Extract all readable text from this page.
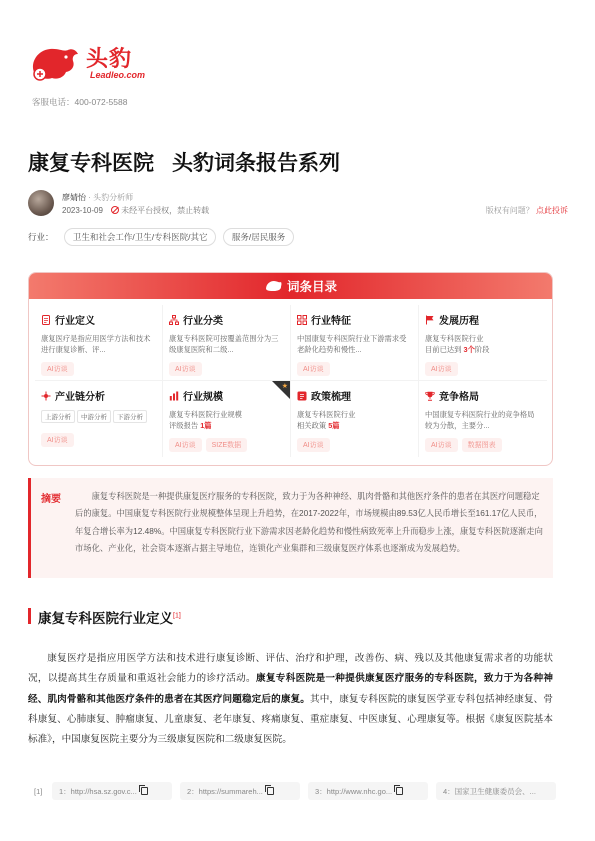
头豹
Leadleo.com
客服电话：400-072-5588
康复专科医院 头豹词条报告系列
廖婧怡 · 头豹分析师
2023-10-09 未经平台授权，禁止转载	版权有问题？ 点此投诉
行业： 卫生和社会工作/卫生/专科医院/其它	服务/居民服务
词条目录
行业定义
康复医疗是指应用医学方法和技术进行康复诊断、评...
AI访谈
行业分类
康复专科医院可按覆盖范围分为三级康复医院和二级...
AI访谈
行业特征
中国康复专科医院行业下游需求受老龄化趋势和慢性...
AI访谈
发展历程
康复专科医院行业
目前已达到 3个阶段
AI访谈
产业链分析
上游分析 中游分析 下游分析
AI访谈
★
行业规模
康复专科医院行业规模
评级报告 1篇
AI访谈 SIZE数据
政策梳理
康复专科医院行业
相关政策 5篇
AI访谈
竞争格局
中国康复专科医院行业的竞争格局较为分散，主要分...
AI访谈 数据图表
摘要	康复专科医院是一种提供康复医疗服务的专科医院，致力于为各种神经、肌肉骨骼和其他医疗条件的患者在其医疗问题稳定后的康复。中国康复专科医院行业规模整体呈现上升趋势，在2017-2022年，市场规模由89.53亿人民币增长至161.17亿人民币，年复合增长率为12.48%。中国康复专科医院行业下游需求因老龄化趋势和慢性病致死率上升而稳步上涨，康复专科医院逐渐走向市场化、产业化，社会资本逐渐占据主导地位，连锁化产业集群和三级康复医疗体系也逐渐成为发展趋势。
康复专科医院行业定义[1]
康复医疗是指应用医学方法和技术进行康复诊断、评估、治疗和护理，改善伤、病、残以及其他康复需求者的功能状况，以提高其生存质量和重返社会能力的诊疗活动。康复专科医院是一种提供康复医疗服务的专科医院，致力于为各种神经、肌肉骨骼和其他医疗条件的患者在其医疗问题稳定后的康复。其中，康复专科医院的康复医学亚专科包括神经康复、骨科康复、心肺康复、肿瘤康复、儿童康复、老年康复、疼痛康复、重症康复、中医康复、心理康复等。根据《康复医院基本标准》，中国康复医院主要分为三级康复医院和二级康复医院。
[1]	1：http://hsa.sz.gov.c...	2：https://summareh...	3：http://www.nhc.go...	4：国家卫生健康委员会、...
